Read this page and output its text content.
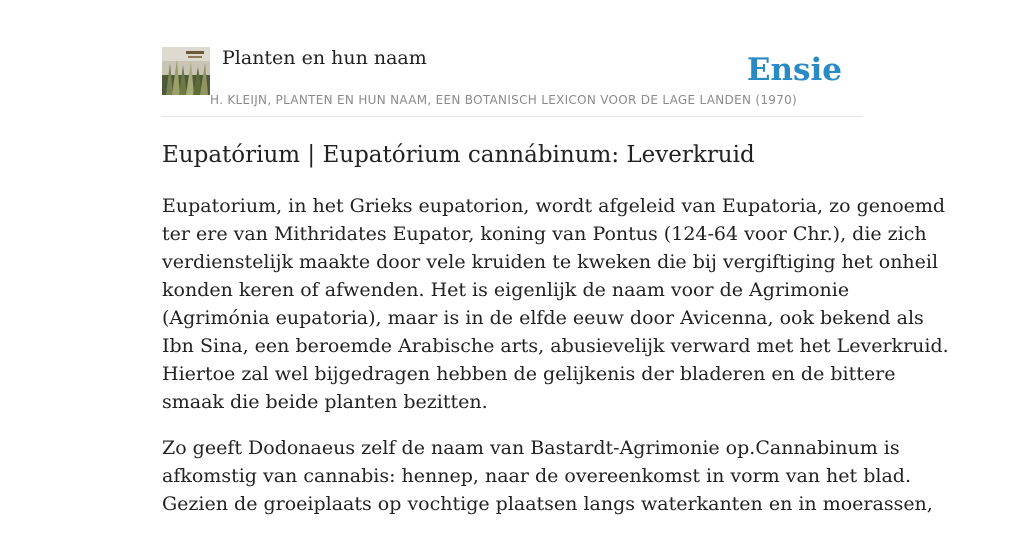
Planten en hun naam	Ensie
H. KLEIJN, PLANTEN EN HUN NAAM, EEN BOTANISCH LEXICON VOOR DE LAGE LANDEN (1970)
Eupatórium | Eupatórium cannábinum: Leverkruid

Eupatorium, in het Grieks eupatorion, wordt afgeleid van Eupatoria, zo genoemd
ter ere van Mithridates Eupator, koning van Pontus (124-64 voor Chr.), die zich
verdienstelijk maakte door vele kruiden te kweken die bij vergiftiging het onheil
konden keren of afwenden. Het is eigenlijk de naam voor de Agrimonie
(Agrimónia eupatoria), maar is in de elfde eeuw door Avicenna, ook bekend als
Ibn Sina, een beroemde Arabische arts, abusievelijk verward met het Leverkruid.
Hiertoe zal wel bijgedragen hebben de gelijkenis der bladeren en de bittere
smaak die beide planten bezitten.

Zo geeft Dodonaeus zelf de naam van Bastardt-Agrimonie op.Cannabinum is
afkomstig van cannabis: hennep, naar de overeenkomst in vorm van het blad.
Gezien de groeiplaats op vochtige plaatsen langs waterkanten en in moerassen,
